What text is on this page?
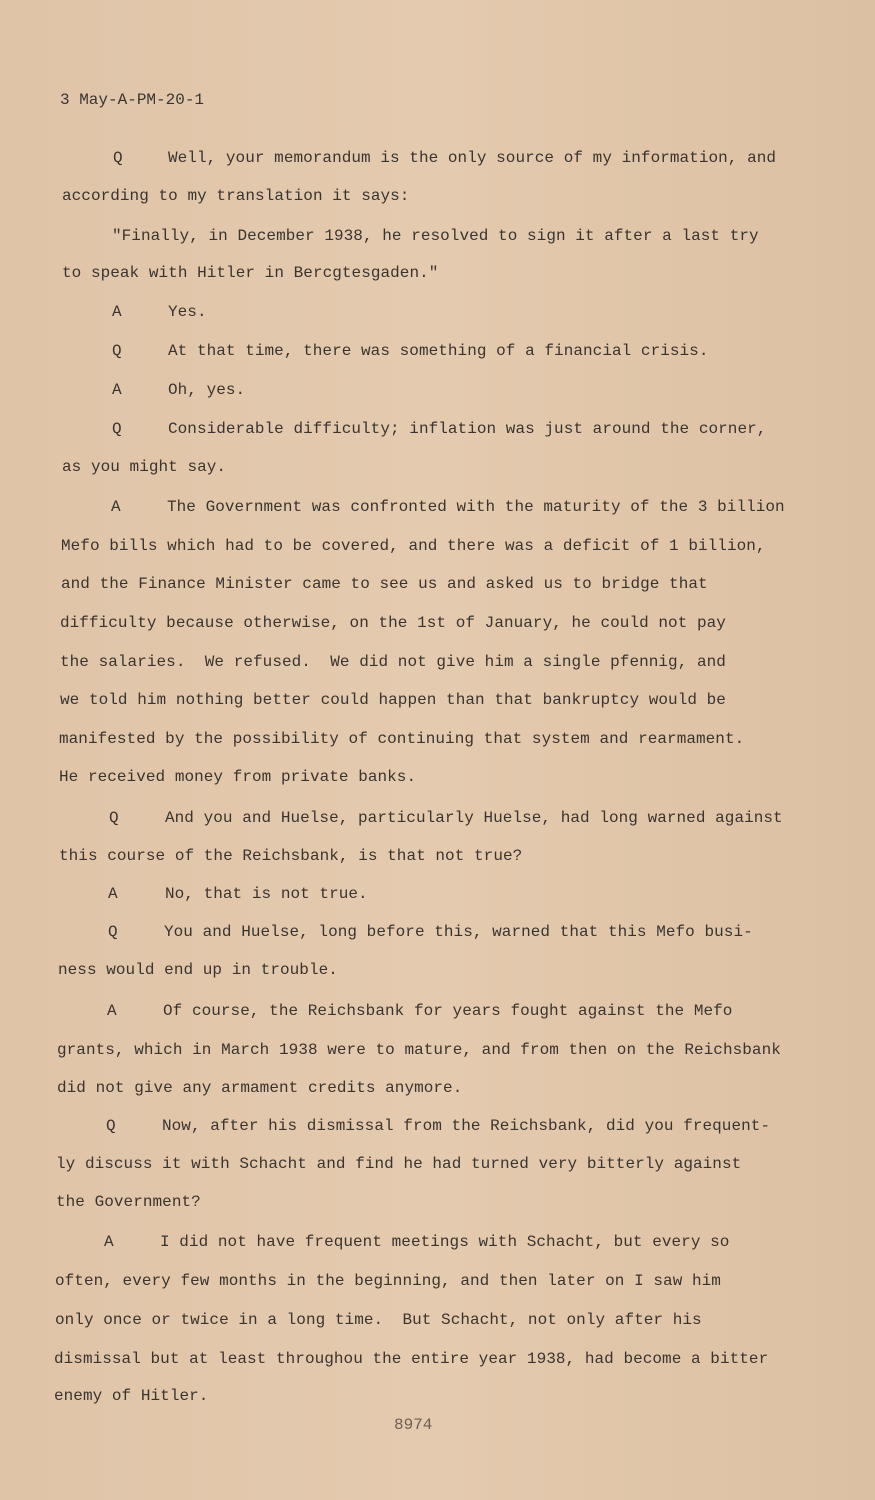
3 May-A-PM-20-1
Q	Well, your memorandum is the only source of my information, and
according to my translation it says:
"Finally, in December 1938, he resolved to sign it after a last try
to speak with Hitler in Bercgtesgaden."
A	Yes.
Q	At that time, there was something of a financial crisis.
A	Oh, yes.
Q	Considerable difficulty; inflation was just around the corner,
as you might say.
A	The Government was confronted with the maturity of the 3 billion
Mefo bills which had to be covered, and there was a deficit of 1 billion,
and the Finance Minister came to see us and asked us to bridge that
difficulty because otherwise, on the 1st of January, he could not pay
the salaries.  We refused.  We did not give him a single pfennig, and
we told him nothing better could happen than that bankruptcy would be
manifested by the possibility of continuing that system and rearmament.
He received money from private banks.
Q	And you and Huelse, particularly Huelse, had long warned against
this course of the Reichsbank, is that not true?
A	No, that is not true.
Q	You and Huelse, long before this, warned that this Mefo busi-
ness would end up in trouble.
A	Of course, the Reichsbank for years fought against the Mefo
grants, which in March 1938 were to mature, and from then on the Reichsbank
did not give any armament credits anymore.
Q	Now, after his dismissal from the Reichsbank, did you frequent-
ly discuss it with Schacht and find he had turned very bitterly against
the Government?
A	I did not have frequent meetings with Schacht, but every so
often, every few months in the beginning, and then later on I saw him
only once or twice in a long time.  But Schacht, not only after his
dismissal but at least throughou the entire year 1938, had become a bitter
enemy of Hitler.
8974
